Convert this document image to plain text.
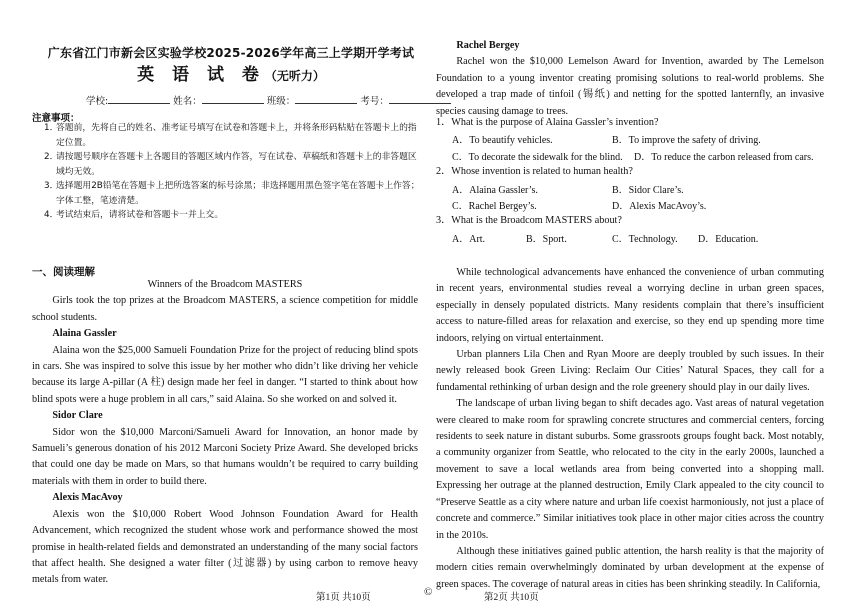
广东省江门市新会区实验学校2025-2026学年高三上学期开学考试
英 语 试 卷（无听力）
学校:	姓名：	班级：	考号：
注意事项：
1．
答题前，先将自己的姓名、准考证号填写在试卷和答题卡上，并将条形码粘贴在答题卡上的指定位置。
2．
请按题号顺序在答题卡上各题目的答题区域内作答，写在试卷、草稿纸和答题卡上的非答题区域均无效。
3．
选择题用2B铅笔在答题卡上把所选答案的标号涂黑；非选择题用黑色签字笔在答题卡上作答；字体工整，笔迹清楚。
4．
考试结束后，请将试卷和答题卡一并上交。
一、阅读理解

Winners of the Broadcom MASTERS

Girls took the top prizes at the Broadcom MASTERS, a science competition for middle school students.

Alaina Gassler

Alaina won the $25,000 Samueli Foundation Prize for the project of reducing blind spots in cars. She was inspired to solve this issue by her mother who didn’t like driving her vehicle because its large A-pillar (A 柱) design made her feel in danger. “I started to think about how blind spots were a huge problem in all cars,” said Alaina. So she worked on and solved it.

Sidor Clare

Sidor won the $10,000 Marconi/Samueli Award for Innovation, an honor made by Samueli’s generous donation of his 2012 Marconi Society Prize Award. She developed bricks that could one day be made on Mars, so that humans wouldn’t be required to carry building materials with them in order to build there.

Alexis MacAvoy

Alexis won the $10,000 Robert Wood Johnson Foundation Award for Health Advancement, which recognized the student whose work and performance showed the most promise in health-related fields and demonstrated an understanding of the many social factors that affect health. She designed a water filter (过滤器) by using carbon to remove heavy metals from water.

Rachel Bergey

Rachel won the $10,000 Lemelson Award for Invention, awarded by The Lemelson Foundation to a young inventor creating promising solutions to real-world problems. She developed a trap made of tinfoil (锡纸) and netting for the spotted lanternfly, an invasive species causing damage to trees.

1．What is the purpose of Alaina Gassler’s invention?
A．To beautify vehicles.	B．To improve the safety of driving.
C．To decorate the sidewalk for the blind. D．To reduce the carbon released from cars.
2．Whose invention is related to human health?
A．Alaina Gassler’s.	B．Sidor Clare’s.
C．Rachel Bergey’s.	D．Alexis MacAvoy’s.
3．What is the Broadcom MASTERS about?
A．Art.	B．Sport.	C．Technology. D．Education.

While technological advancements have enhanced the convenience of urban commuting in recent years, environmental studies reveal a worrying decline in urban green spaces, especially in densely populated districts. Many residents complain that there’s insufficient access to nature-filled areas for relaxation and exercise, so they end up spending more time indoors, relying on virtual entertainment.

Urban planners Lila Chen and Ryan Moore are deeply troubled by such issues. In their newly released book Green Living: Reclaim Our Cities’ Natural Spaces, they call for a fundamental rethinking of urban design and the role greenery should play in our daily lives.

The landscape of urban living began to shift decades ago. Vast areas of natural vegetation were cleared to make room for sprawling concrete structures and commercial centers, forcing residents to seek nature in distant suburbs. Some grassroots groups fought back. Most notably, a community organizer from Seattle, who relocated to the city in the early 2000s, launched a movement to save a local wetlands area from being converted into a shopping mall. Expressing her outrage at the planned destruction, Emily Clark appealed to the city council to “Preserve Seattle as a city where nature and urban life coexist harmoniously, not just a place of concrete and commerce.” Similar initiatives took place in other major cities across the country in the 2010s.

Although these initiatives gained public attention, the harsh reality is that the majority of modern cities remain overwhelmingly dominated by urban development at the expense of green spaces. The coverage of natural areas in cities has been shrinking steadily. In California,

第1页 共10页	©	第2页 共10页
